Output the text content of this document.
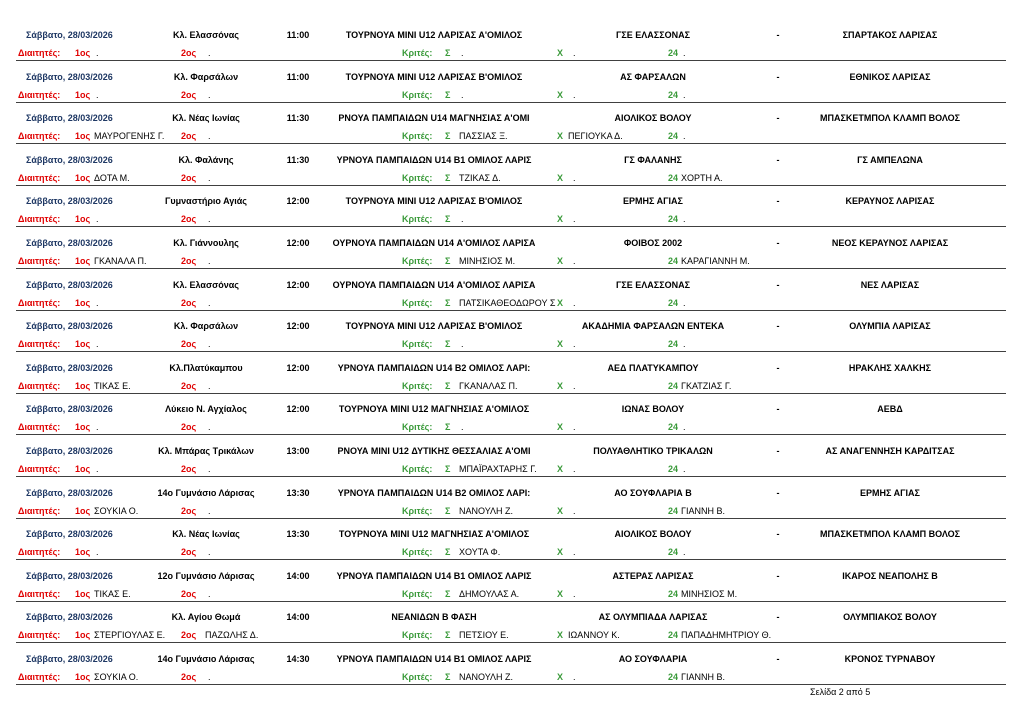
Σάββατο, 28/03/2026	Κλ. Ελασσόνας	11:00	ΤΟΥΡΝΟΥΑ ΜΙΝΙ U12 ΛΑΡΙΣΑΣ Α'ΟΜΙΛΟΣ	ΓΣΕ ΕΛΑΣΣΟΝΑΣ	-	ΣΠΑΡΤΑΚΟΣ ΛΑΡΙΣΑΣ
Διαιτητές:	1ος .	2ος	.	Κριτές:	Σ	.	Χ	.	24 .
Σάββατο, 28/03/2026	Κλ. Φαρσάλων	11:00	ΤΟΥΡΝΟΥΑ ΜΙΝΙ U12 ΛΑΡΙΣΑΣ Β'ΟΜΙΛΟΣ	ΑΣ ΦΑΡΣΑΛΩΝ	-	ΕΘΝΙΚΟΣ ΛΑΡΙΣΑΣ
Διαιτητές:	1ος .	2ος	.	Κριτές:	Σ	.	Χ	.	24 .
Σάββατο, 28/03/2026	Κλ. Νέας Ιωνίας	11:30	ΡΝΟΥΑ ΠΑΜΠΑΙΔΩΝ U14 ΜΑΓΝΗΣΙΑΣ Α'ΟΜΙ	ΑΙΟΛΙΚΟΣ ΒΟΛΟΥ	-	ΜΠΑΣΚΕΤΜΠΟΛ ΚΛΑΜΠ ΒΟΛΟΣ
Διαιτητές:	1ος ΜΑΥΡΟΓΕΝΗΣ Γ.	2ος	.	Κριτές:	Σ ΠΑΣΣΙΑΣ Ξ.	Χ ΠΕΓΙΟΥΚΑ Δ.	24 .
Σάββατο, 28/03/2026	Κλ. Φαλάνης	11:30	ΥΡΝΟΥΑ ΠΑΜΠΑΙΔΩΝ U14 Β1 ΟΜΙΛΟΣ ΛΑΡΙΣ	ΓΣ ΦΑΛΑΝΗΣ	-	ΓΣ ΑΜΠΕΛΩΝΑ
Διαιτητές:	1ος ΔΟΤΑ Μ.	2ος	.	Κριτές:	Σ ΤΖΙΚΑΣ Δ.	Χ	.	24 ΧΟΡΤΗ Α.
Σάββατο, 28/03/2026	Γυμναστήριο Αγιάς	12:00	ΤΟΥΡΝΟΥΑ ΜΙΝΙ U12 ΛΑΡΙΣΑΣ Β'ΟΜΙΛΟΣ	ΕΡΜΗΣ ΑΓΙΑΣ	-	ΚΕΡΑΥΝΟΣ ΛΑΡΙΣΑΣ
Διαιτητές:	1ος .	2ος	.	Κριτές:	Σ	.	Χ	.	24 .
Σάββατο, 28/03/2026	Κλ. Γιάννουλης	12:00	ΟΥΡΝΟΥΑ ΠΑΜΠΑΙΔΩΝ U14 Α'ΟΜΙΛΟΣ ΛΑΡΙΣΑ	ΦΟΙΒΟΣ 2002	-	ΝΕΟΣ ΚΕΡΑΥΝΟΣ ΛΑΡΙΣΑΣ
Διαιτητές:	1ος ΓΚΑΝΑΛΑ Π.	2ος	.	Κριτές:	Σ ΜΙΝΗΣΙΟΣ Μ.	Χ	.	24 ΚΑΡΑΓΙΑΝΝΗ Μ.
Σάββατο, 28/03/2026	Κλ. Ελασσόνας	12:00	ΟΥΡΝΟΥΑ ΠΑΜΠΑΙΔΩΝ U14 Α'ΟΜΙΛΟΣ ΛΑΡΙΣΑ	ΓΣΕ ΕΛΑΣΣΟΝΑΣ	-	ΝΕΣ ΛΑΡΙΣΑΣ
Διαιτητές:	1ος .	2ος	.	Κριτές:	Σ ΠΑΤΣΙΚΑΘΕΟΔΩΡΟΥ Σ Χ	.	24 .
Σάββατο, 28/03/2026	Κλ. Φαρσάλων	12:00	ΤΟΥΡΝΟΥΑ ΜΙΝΙ U12 ΛΑΡΙΣΑΣ Β'ΟΜΙΛΟΣ	ΑΚΑΔΗΜΙΑ ΦΑΡΣΑΛΩΝ ΕΝΤΕΚΑ	-	ΟΛΥΜΠΙΑ ΛΑΡΙΣΑΣ
Διαιτητές:	1ος .	2ος	.	Κριτές:	Σ	.	Χ	.	24 .
Σάββατο, 28/03/2026	Κλ.Πλατύκαμπου	12:00	ΥΡΝΟΥΑ ΠΑΜΠΑΙΔΩΝ U14 Β2 ΟΜΙΛΟΣ ΛΑΡΙ:	ΑΕΔ ΠΛΑΤΥΚΑΜΠΟΥ	-	ΗΡΑΚΛΗΣ ΧΑΛΚΗΣ
Διαιτητές:	1ος ΤΙΚΑΣ Ε.	2ος	.	Κριτές:	Σ ΓΚΑΝΑΛΑΣ Π.	Χ	.	24 ΓΚΑΤΖΙΑΣ Γ.
Σάββατο, 28/03/2026	Λύκειο Ν. Αγχίαλος	12:00	ΤΟΥΡΝΟΥΑ ΜΙΝΙ U12 ΜΑΓΝΗΣΙΑΣ Α'ΟΜΙΛΟΣ	ΙΩΝΑΣ ΒΟΛΟΥ	-	ΑΕΒΔ
Διαιτητές:	1ος .	2ος	.	Κριτές:	Σ	.	Χ	.	24 .
Σάββατο, 28/03/2026	Κλ. Μπάρας Τρικάλων	13:00	ΡΝΟΥΑ ΜΙΝΙ U12 ΔΥΤΙΚΗΣ ΘΕΣΣΑΛΙΑΣ Α'ΟΜΙ	ΠΟΛΥΑΘΛΗΤΙΚΟ ΤΡΙΚΑΛΩΝ	-	ΑΣ ΑΝΑΓΕΝΝΗΣΗ ΚΑΡΔΙΤΣΑΣ
Διαιτητές:	1ος .	2ος	.	Κριτές:	Σ ΜΠΑΪΡΑΧΤΑΡΗΣ Γ.	Χ	.	24 .
Σάββατο, 28/03/2026	14ο Γυμνάσιο Λάρισας	13:30	ΥΡΝΟΥΑ ΠΑΜΠΑΙΔΩΝ U14 Β2 ΟΜΙΛΟΣ ΛΑΡΙ:	ΑΟ ΣΟΥΦΛΑΡΙΑ Β	-	ΕΡΜΗΣ ΑΓΙΑΣ
Διαιτητές:	1ος ΣΟΥΚΙΑ Ο.	2ος	.	Κριτές:	Σ ΝΑΝΟΥΛΗ Ζ.	Χ	.	24 ΓΙΑΝΝΗ Β.
Σάββατο, 28/03/2026	Κλ. Νέας Ιωνίας	13:30	ΤΟΥΡΝΟΥΑ ΜΙΝΙ U12 ΜΑΓΝΗΣΙΑΣ Α'ΟΜΙΛΟΣ	ΑΙΟΛΙΚΟΣ ΒΟΛΟΥ	-	ΜΠΑΣΚΕΤΜΠΟΛ ΚΛΑΜΠ ΒΟΛΟΣ
Διαιτητές:	1ος .	2ος	.	Κριτές:	Σ ΧΟΥΤΑ Φ.	Χ	.	24 .
Σάββατο, 28/03/2026	12ο Γυμνάσιο Λάρισας	14:00	ΥΡΝΟΥΑ ΠΑΜΠΑΙΔΩΝ U14 Β1 ΟΜΙΛΟΣ ΛΑΡΙΣ	ΑΣΤΕΡΑΣ ΛΑΡΙΣΑΣ	-	ΙΚΑΡΟΣ ΝΕΑΠΟΛΗΣ Β
Διαιτητές:	1ος ΤΙΚΑΣ Ε.	2ος	.	Κριτές:	Σ ΔΗΜΟΥΛΑΣ Α.	Χ	.	24 ΜΙΝΗΣΙΟΣ Μ.
Σάββατο, 28/03/2026	Κλ. Αγίου Θωμά	14:00	ΝΕΑΝΙΔΩΝ Β ΦΑΣΗ	ΑΣ ΟΛΥΜΠΙΑΔΑ ΛΑΡΙΣΑΣ	-	ΟΛΥΜΠΙΑΚΟΣ ΒΟΛΟΥ
Διαιτητές:	1ος ΣΤΕΡΓΙΟΥΛΑΣ Ε.	2ος ΠΑΖΩΛΗΣ Δ.	Κριτές:	Σ ΠΕΤΣΙΟΥ Ε.	Χ ΙΩΑΝΝΟΥ Κ.	24 ΠΑΠΑΔΗΜΗΤΡΙΟΥ Θ.
Σάββατο, 28/03/2026	14ο Γυμνάσιο Λάρισας	14:30	ΥΡΝΟΥΑ ΠΑΜΠΑΙΔΩΝ U14 Β1 ΟΜΙΛΟΣ ΛΑΡΙΣ	ΑΟ ΣΟΥΦΛΑΡΙΑ	-	ΚΡΟΝΟΣ ΤΥΡΝΑΒΟΥ
Διαιτητές:	1ος ΣΟΥΚΙΑ Ο.	2ος	.	Κριτές:	Σ ΝΑΝΟΥΛΗ Ζ.	Χ	.	24 ΓΙΑΝΝΗ Β.
Σελίδα 2 από 5
